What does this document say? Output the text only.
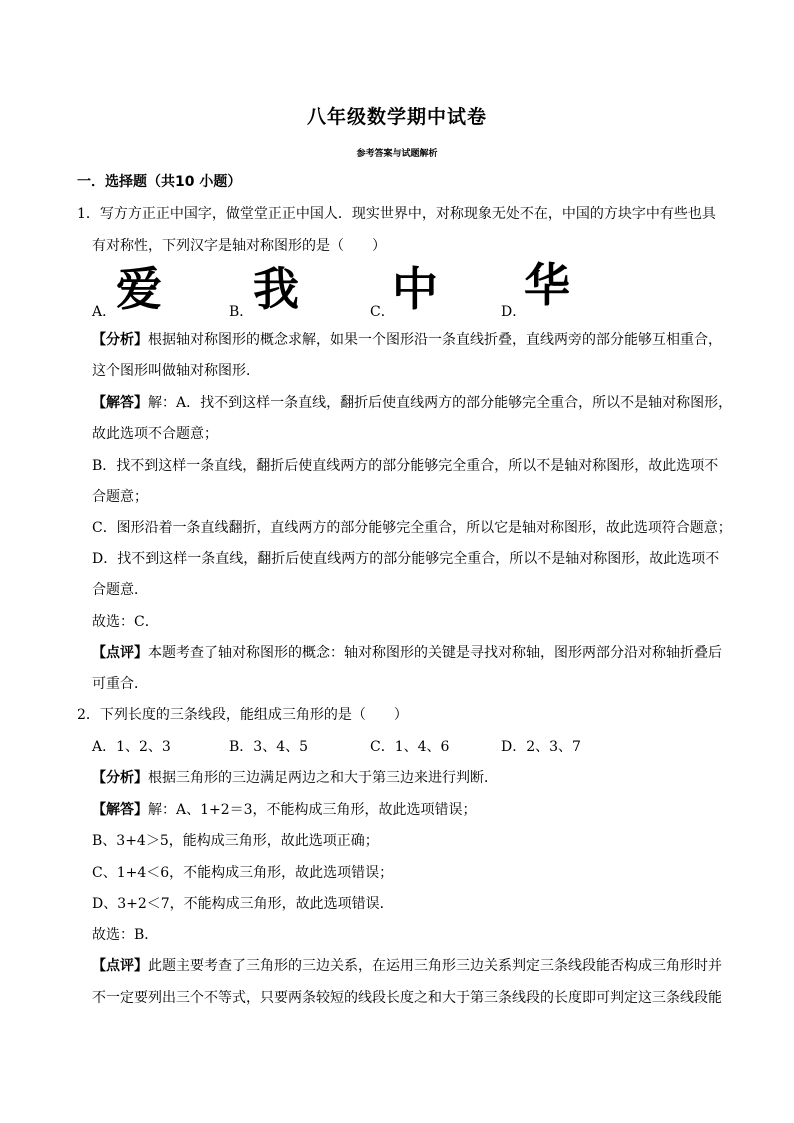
八年级数学期中试卷
参考答案与试题解析
一．选择题（共10 小题）
1．写方方正正中国字，做堂堂正正中国人．现实世界中，对称现象无处不在，中国的方块字中有些也具
有对称性，下列汉字是轴对称图形的是（　　）
A． 爱	B． 我	C．
中	D．
华
【分析】根据轴对称图形的概念求解，如果一个图形沿一条直线折叠，直线两旁的部分能够互相重合，
这个图形叫做轴对称图形．
【解答】解：A．找不到这样一条直线，翻折后使直线两方的部分能够完全重合，所以不是轴对称图形，
故此选项不合题意；
B．找不到这样一条直线，翻折后使直线两方的部分能够完全重合，所以不是轴对称图形，故此选项不
合题意；
C．图形沿着一条直线翻折，直线两方的部分能够完全重合，所以它是轴对称图形，故此选项符合题意；
D．找不到这样一条直线，翻折后使直线两方的部分能够完全重合，所以不是轴对称图形，故此选项不
合题意．
故选：C．
【点评】本题考查了轴对称图形的概念：轴对称图形的关键是寻找对称轴，图形两部分沿对称轴折叠后
可重合．
2．下列长度的三条线段，能组成三角形的是（　　）
A．1、2、3	B．3、4、5	C．1、4、6	D．2、3、7
【分析】根据三角形的三边满足两边之和大于第三边来进行判断．
【解答】解：A、1+2＝3，不能构成三角形，故此选项错误；
B、3+4＞5，能构成三角形，故此选项正确；
C、1+4＜6，不能构成三角形，故此选项错误；
D、3+2＜7，不能构成三角形，故此选项错误．
故选：B．
【点评】此题主要考查了三角形的三边关系，在运用三角形三边关系判定三条线段能否构成三角形时并
不一定要列出三个不等式，只要两条较短的线段长度之和大于第三条线段的长度即可判定这三条线段能
